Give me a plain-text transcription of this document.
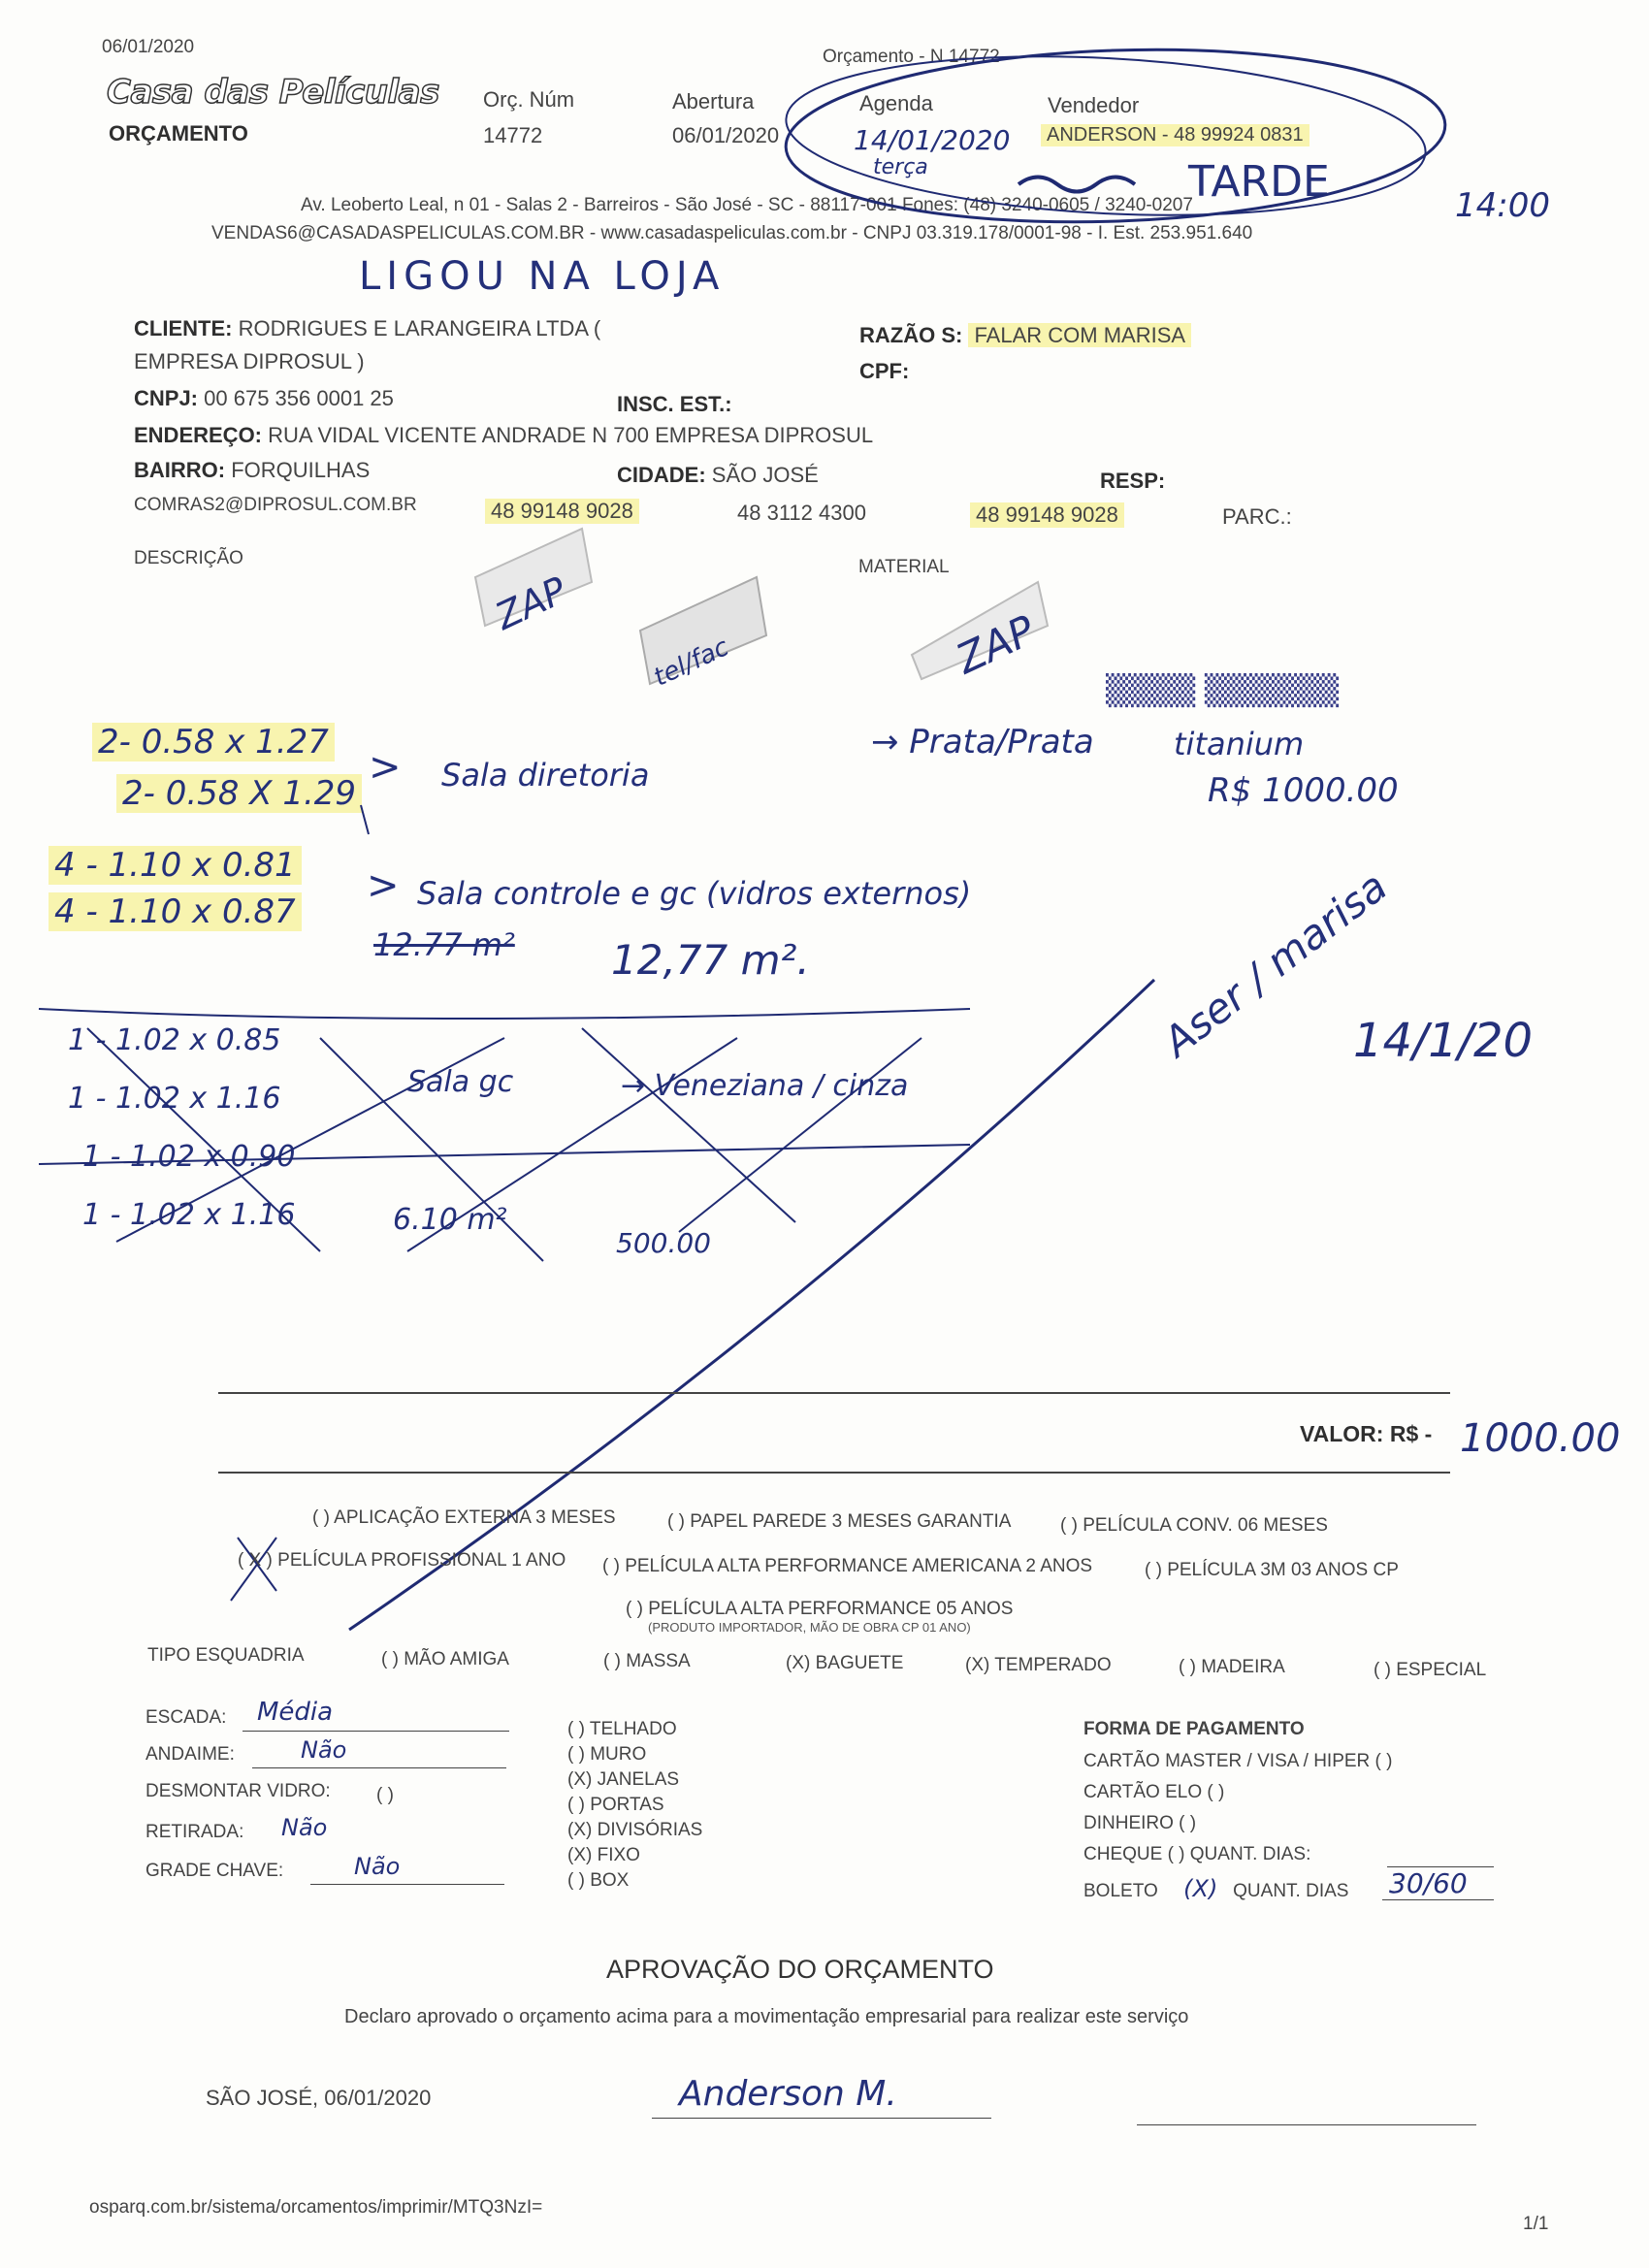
06/01/2020
Casa das Películas
ORÇAMENTO
Orç. Núm
14772
Abertura
06/01/2020
Agenda	Vendedor
ANDERSON - 48 99924 0831
Orçamento - N 14772
Av. Leoberto Leal, n 01 - Salas 2 - Barreiros - São José - SC - 88117-001 Fones: (48) 3240-0605 / 3240-0207
VENDAS6@CASADASPELICULAS.COM.BR - www.casadaspeliculas.com.br - CNPJ 03.319.178/0001-98 - I. Est. 253.951.640
CLIENTE: RODRIGUES E LARANGEIRA LTDA (
EMPRESA DIPROSUL )
CNPJ: 00 675 356 0001 25	INSC. EST.:
ENDEREÇO: RUA VIDAL VICENTE ANDRADE N 700 EMPRESA DIPROSUL
BAIRRO: FORQUILHAS	CIDADE: SÃO JOSÉ	RESP:
COMRAS2@DIPROSUL.COM.BR	48 99148 9028	48 3112 4300	48 99148 9028	PARC.:
RAZÃO S: FALAR COM MARISA
CPF:
DESCRIÇÃO	MATERIAL
14/01/2020
terça	TARDE	14:00
LIGOU NA LOJA
ZAP
tel/fac	ZAP
2- 0.58 x 1.27
2- 0.58 X 1.29
> Sala diretoria
→ Prata/Prata
▒▒▒▒ ▒▒▒▒▒▒
titanium
R$ 1000.00
4 - 1.10 x 0.81
4 - 1.10 x 0.87
> Sala controle e gc (vidros externos)
12.77 m² 12,77 m².
1 - 1.02 x 0.85
1 - 1.02 x 1.16
1 - 1.02 x 0.90
1 - 1.02 x 1.16
Sala gc	→ Veneziana / cinza
6.10 m²
500.00
Aser / marisa
14/1/20
VALOR: R$ - 1000.00
( ) APLICAÇÃO EXTERNA 3 MESES	( ) PAPEL PAREDE 3 MESES GARANTIA	( ) PELÍCULA CONV. 06 MESES
( X ) PELÍCULA PROFISSIONAL 1 ANO ( ) PELÍCULA ALTA PERFORMANCE AMERICANA 2 ANOS	( ) PELÍCULA 3M 03 ANOS CP
( ) PELÍCULA ALTA PERFORMANCE 05 ANOS
(PRODUTO IMPORTADOR, MÃO DE OBRA CP 01 ANO)
TIPO ESQUADRIA	( ) MÃO AMIGA	( ) MASSA	(X) BAGUETE	(X) TEMPERADO	( ) MADEIRA	( ) ESPECIAL
ESCADA: Média
ANDAIME:	Não
DESMONTAR VIDRO: ( )
RETIRADA: Não
GRADE CHAVE:	Não
( ) TELHADO
( ) MURO
(X) JANELAS
( ) PORTAS
(X) DIVISÓRIAS
(X) FIXO
( ) BOX
FORMA DE PAGAMENTO
CARTÃO MASTER / VISA / HIPER ( )
CARTÃO ELO ( )
DINHEIRO ( )
CHEQUE ( ) QUANT. DIAS:
BOLETO (X) QUANT. DIAS 30/60
APROVAÇÃO DO ORÇAMENTO
Declaro aprovado o orçamento acima para a movimentação empresarial para realizar este serviço
SÃO JOSÉ, 06/01/2020	Anderson M.
osparq.com.br/sistema/orcamentos/imprimir/MTQ3NzI=
1/1
